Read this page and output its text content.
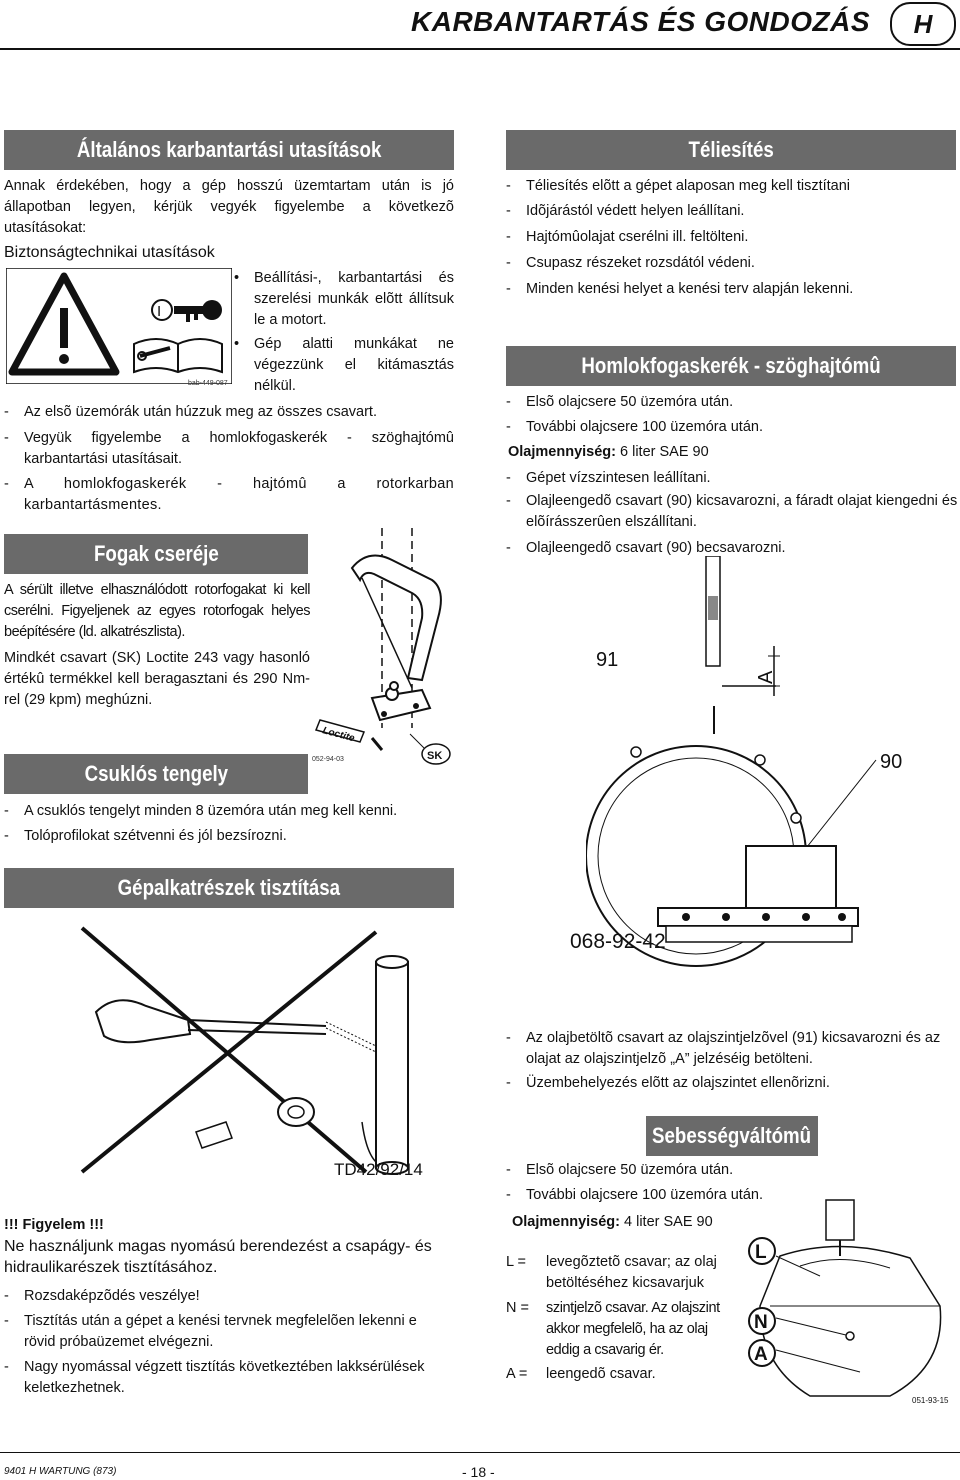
KARBANTARTÁS ÉS GONDOZÁS	H
Általános karbantartási utasítások
Annak érdekében, hogy a gép hosszú üzemtartam után is jó állapotban legyen, kérjük vegyék figyelembe a következõ utasításokat:
Biztonságtechnikai utasítások
I
bab-449-087
• Beállítási-, karbantartási és szerelési munkák elõtt állítsuk le a motort.
• Gép alatti munkákat ne végezzünk el kitámasztás nélkül.
- Az elsõ üzemórák után húzzuk meg az összes csavart.
- Vegyük figyelembe a homlokfogaskerék - szöghajtómû karbantartási utasításait.
- A homlokfogaskerék - hajtómû a rotorkarban karbantartásmentes.
Fogak cseréje
A sérült illetve elhasználódott rotorfogakat ki kell cserélni. Figyeljenek az egyes rotorfogak helyes beépítésére (ld. alkatrészlista).
Mindkét csavart (SK) Loctite 243 vagy hasonló értékû termékkel kell beragasztani és 290 Nm-rel (29 kpm) meghúzni.
Loctite
SK
052-94-03
Csuklós tengely
- A csuklós tengelyt minden 8 üzemóra után meg kell kenni.
- Tolóprofilokat szétvenni és jól bezsírozni.
Gépalkatrészek tisztítása
TD42/92/14
!!! Figyelem !!!
Ne használjunk magas nyomású berendezést a csapágy- és hidraulikarészek tisztításához.
- Rozsdaképzõdés veszélye!
- Tisztítás után a gépet a kenési tervnek megfelelõen lekenni e rövid próbaüzemet elvégezni.
- Nagy nyomással végzett tisztítás következtében lakksérülések keletkezhetnek.
Téliesítés
- Téliesítés elõtt a gépet alaposan meg kell tisztítani
- Idõjárástól védett helyen leállítani.
- Hajtómûolajat cserélni ill. feltölteni.
- Csupasz részeket rozsdától védeni.
- Minden kenési helyet a kenési terv alapján lekenni.
Homlokfogaskerék - szöghajtómû
- Elsõ olajcsere 50 üzemóra után.
- További olajcsere 100 üzemóra után.
Olajmennyiség: 6 liter SAE 90
- Gépet vízszintesen leállítani.
- Olajleengedõ csavart (90) kicsavarozni, a fáradt olajat kiengedni és elõírásszerûen elszállítani.
- Olajleengedõ csavart (90) becsavarozni.
91
A
90
068-92-42
- Az olajbetöltõ csavart az olajszintjelzõvel (91) kicsavarozni és az olajat az olajszintjelzõ „A” jelzéséig betölteni.
- Üzembehelyezés elõtt az olajszintet ellenõrizni.
Sebességváltómû
- Elsõ olajcsere 50 üzemóra után.
- További olajcsere 100 üzemóra után.
Olajmennyiség: 4 liter SAE 90
L =	levegõztetõ csavar; az olaj betöltéséhez kicsavarjuk
N =	szintjelzõ csavar. Az olajszint akkor megfelelõ, ha az olaj eddig a csavarig ér.
A =	leengedõ csavar.
L
N
A
051-93-15
9401 H WARTUNG (873)	- 18 -
